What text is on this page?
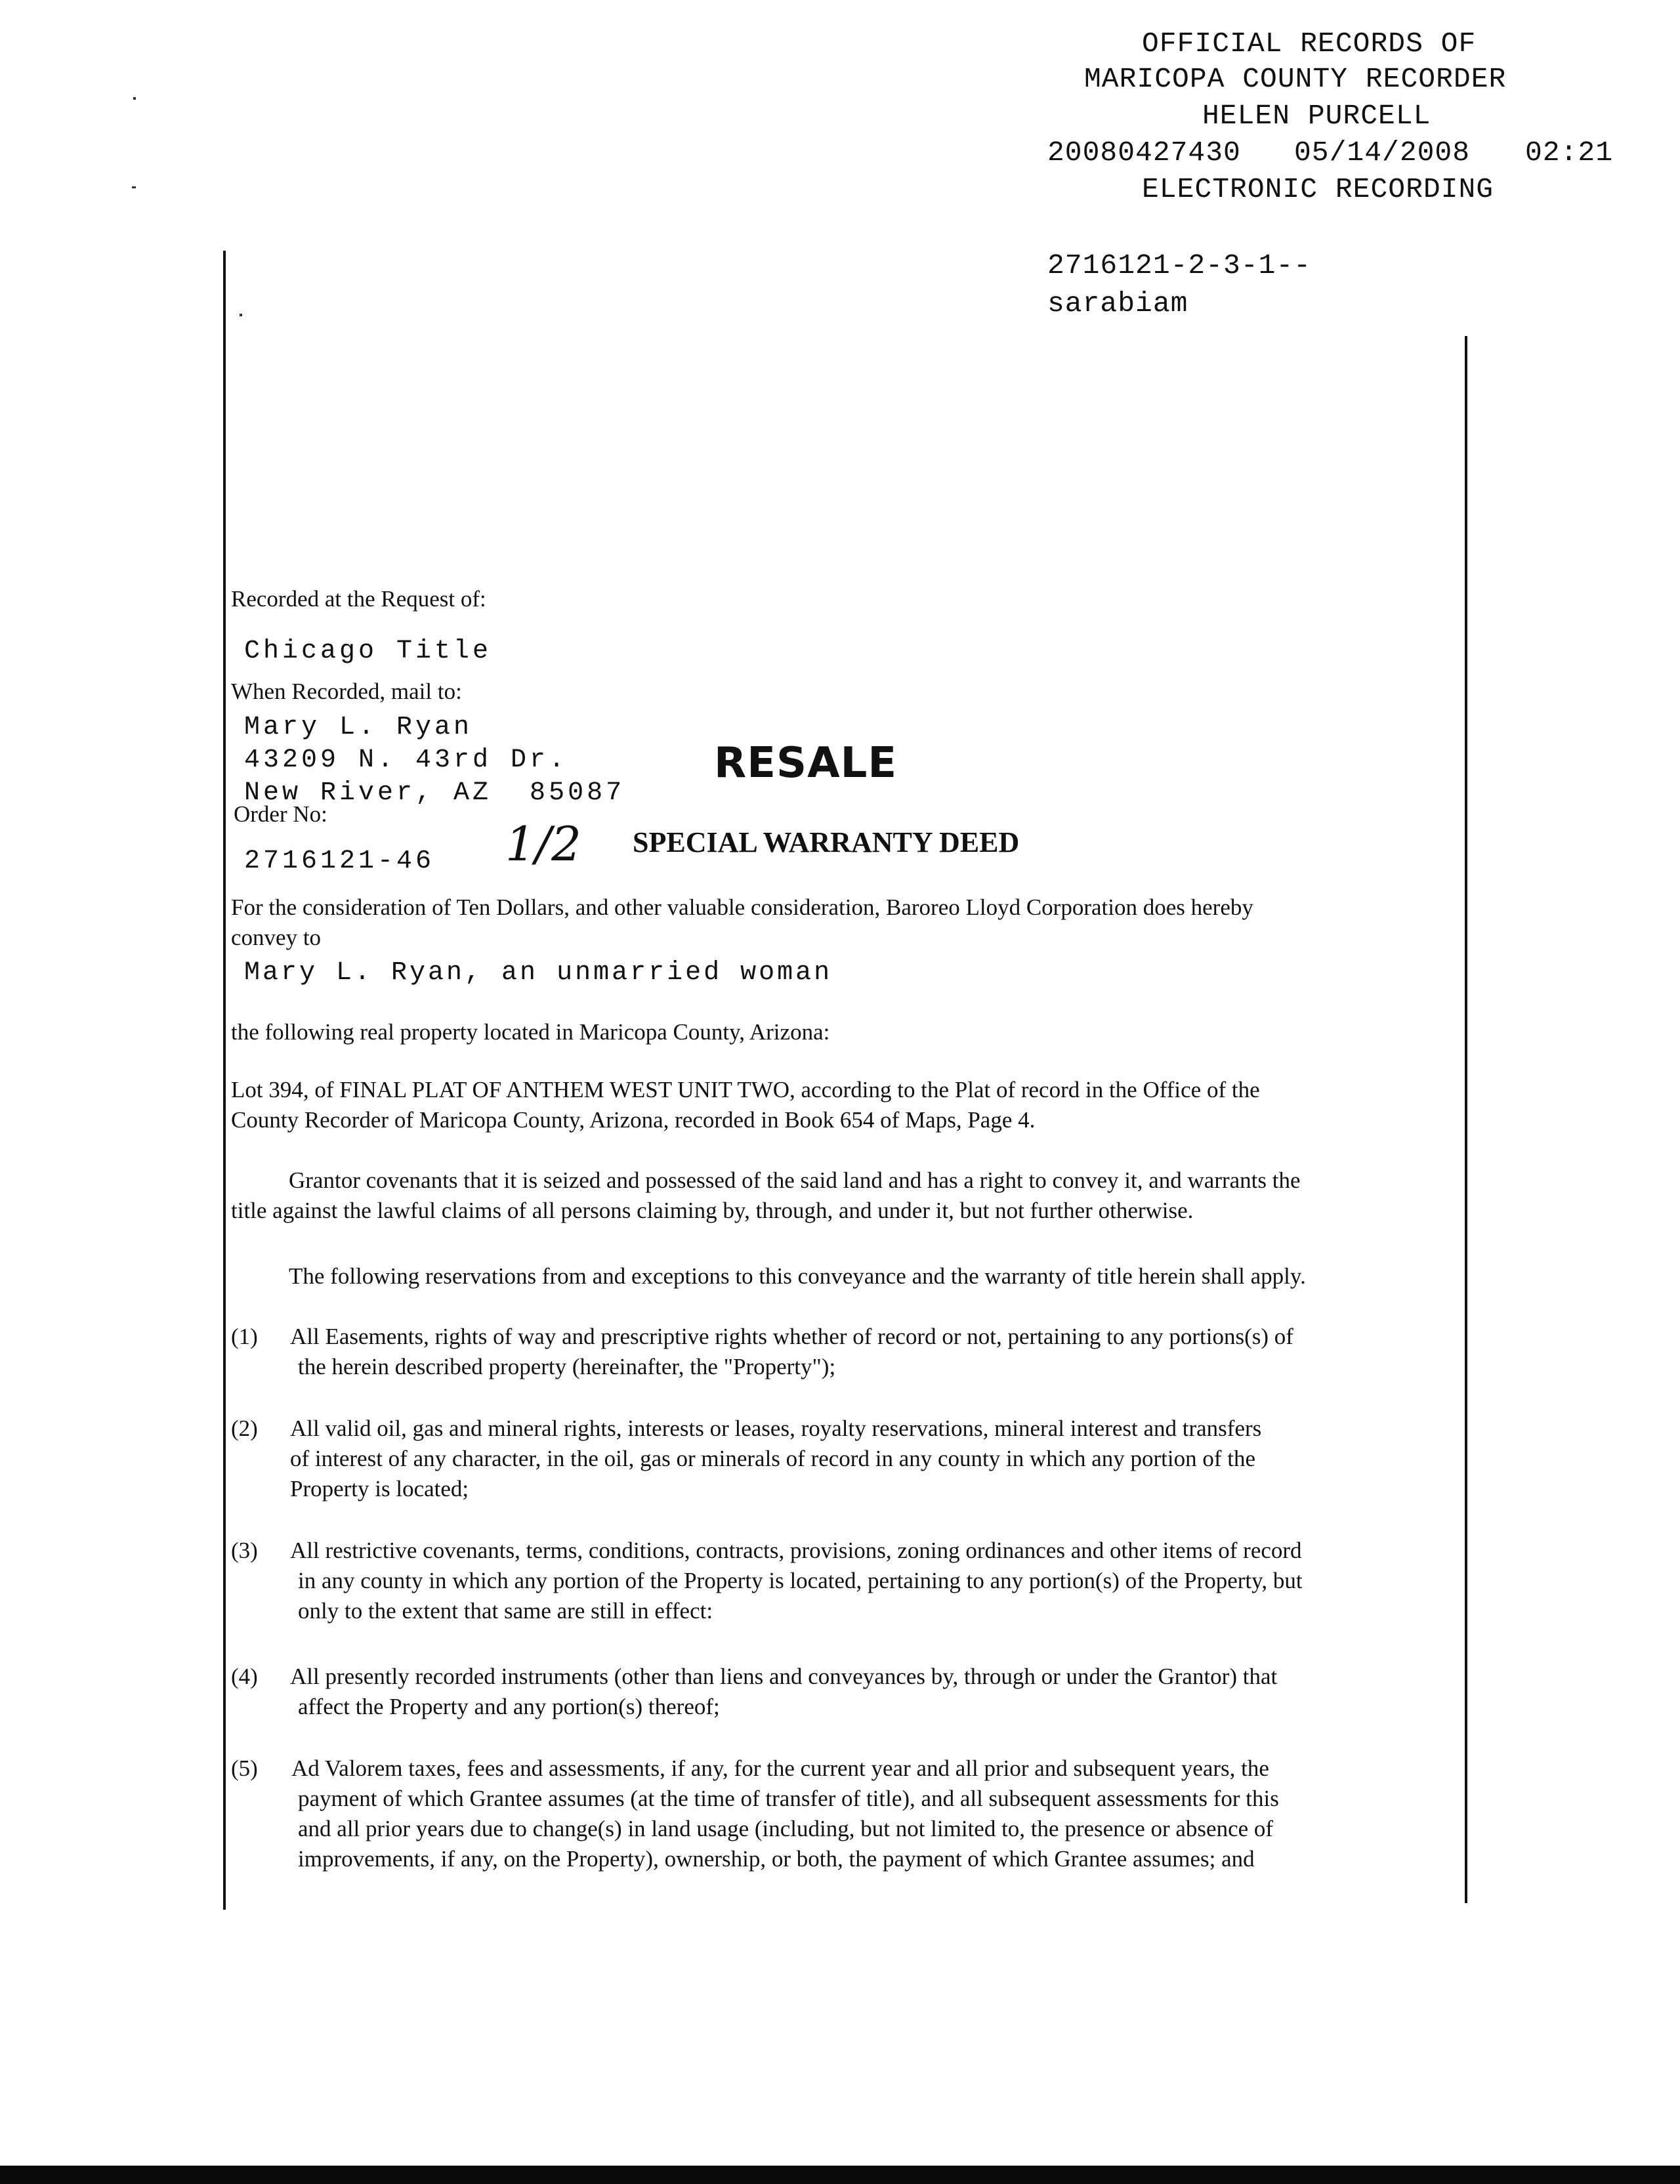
OFFICIAL RECORDS OF
MARICOPA COUNTY RECORDER
HELEN PURCELL
20080427430 05/14/2008 02:21
ELECTRONIC RECORDING
2716121-2-3-1--
sarabiam
Recorded at the Request of:
Chicago Title
When Recorded, mail to:
Mary L. Ryan
43209 N. 43rd Dr.
New River, AZ  85087
RESALE
Order No:
2716121-46 1/2 SPECIAL WARRANTY DEED
For the consideration of Ten Dollars, and other valuable consideration, Baroreo Lloyd Corporation does hereby
convey to
Mary L. Ryan, an unmarried woman
the following real property located in Maricopa County, Arizona:
Lot 394, of FINAL PLAT OF ANTHEM WEST UNIT TWO, according to the Plat of record in the Office of the
County Recorder of Maricopa County, Arizona, recorded in Book 654 of Maps, Page 4.
Grantor covenants that it is seized and possessed of the said land and has a right to convey it, and warrants the
title against the lawful claims of all persons claiming by, through, and under it, but not further otherwise.
The following reservations from and exceptions to this conveyance and the warranty of title herein shall apply.
(1) All Easements, rights of way and prescriptive rights whether of record or not, pertaining to any portions(s) of
the herein described property (hereinafter, the "Property");
(2) All valid oil, gas and mineral rights, interests or leases, royalty reservations, mineral interest and transfers
of interest of any character, in the oil, gas or minerals of record in any county in which any portion of the
Property is located;
(3) All restrictive covenants, terms, conditions, contracts, provisions, zoning ordinances and other items of record
in any county in which any portion of the Property is located, pertaining to any portion(s) of the Property, but
only to the extent that same are still in effect:
(4) All presently recorded instruments (other than liens and conveyances by, through or under the Grantor) that
affect the Property and any portion(s) thereof;
(5) Ad Valorem taxes, fees and assessments, if any, for the current year and all prior and subsequent years, the
payment of which Grantee assumes (at the time of transfer of title), and all subsequent assessments for this
and all prior years due to change(s) in land usage (including, but not limited to, the presence or absence of
improvements, if any, on the Property), ownership, or both, the payment of which Grantee assumes; and
